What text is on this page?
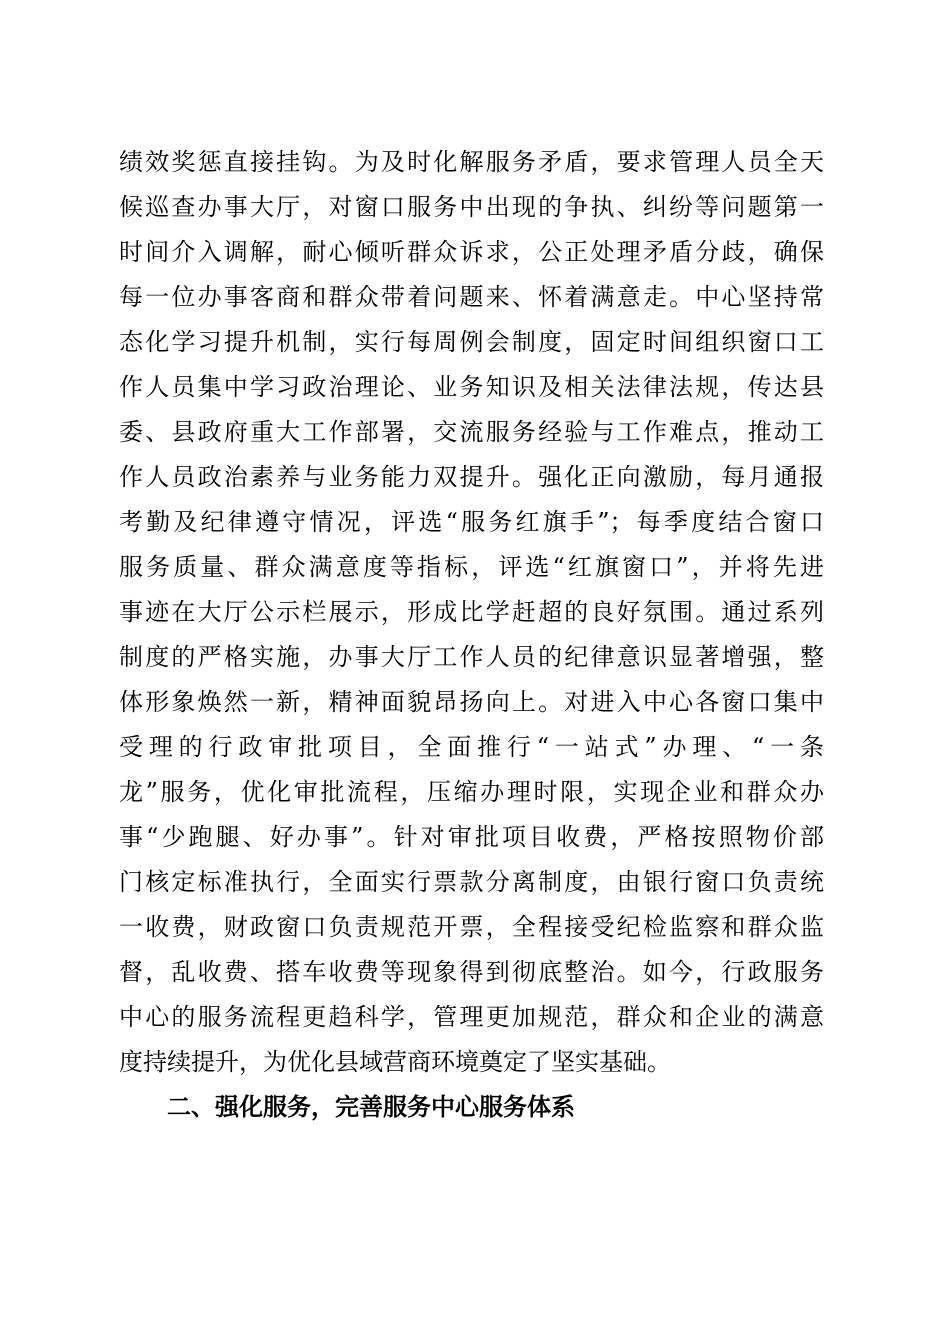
绩效奖惩直接挂钩。为及时化解服务矛盾，要求管理人员全天
候巡查办事大厅，对窗口服务中出现的争执、纠纷等问题第一
时间介入调解，耐心倾听群众诉求，公正处理矛盾分歧，确保
每一位办事客商和群众带着问题来、怀着满意走。中心坚持常
态化学习提升机制，实行每周例会制度，固定时间组织窗口工
作人员集中学习政治理论、业务知识及相关法律法规，传达县
委、县政府重大工作部署，交流服务经验与工作难点，推动工
作人员政治素养与业务能力双提升。强化正向激励，每月通报
考勤及纪律遵守情况，评选“服务红旗手”；每季度结合窗口
服务质量、群众满意度等指标，评选“红旗窗口”，并将先进
事迹在大厅公示栏展示，形成比学赶超的良好氛围。通过系列
制度的严格实施，办事大厅工作人员的纪律意识显著增强，整
体形象焕然一新，精神面貌昂扬向上。对进入中心各窗口集中
受理的行政审批项目，全面推行“一站式”办理、“一条
龙”服务，优化审批流程，压缩办理时限，实现企业和群众办
事“少跑腿、好办事”。针对审批项目收费，严格按照物价部
门核定标准执行，全面实行票款分离制度，由银行窗口负责统
一收费，财政窗口负责规范开票，全程接受纪检监察和群众监
督，乱收费、搭车收费等现象得到彻底整治。如今，行政服务
中心的服务流程更趋科学，管理更加规范，群众和企业的满意
度持续提升，为优化县域营商环境奠定了坚实基础。
二、强化服务，完善服务中心服务体系
